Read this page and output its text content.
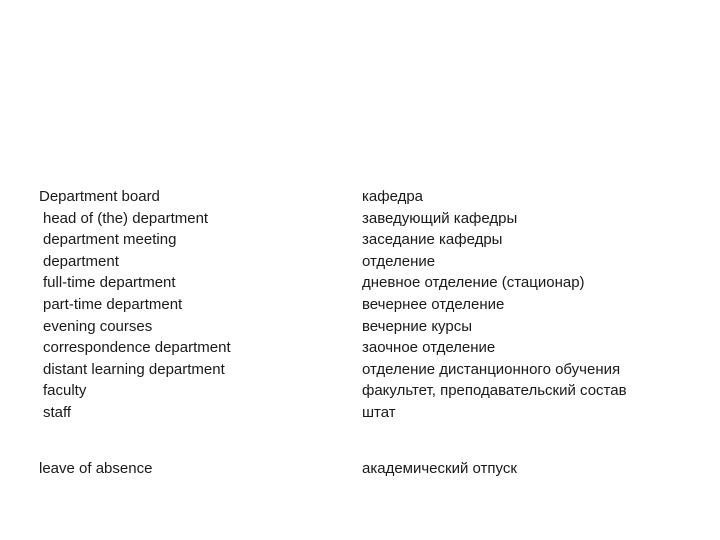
Department board
head of (the) department
department meeting
department
full-time department
part-time department
evening courses
correspondence department
distant learning department
faculty
staff
кафедра
заведующий кафедры
заседание кафедры
отделение
дневное отделение (стационар)
вечернее отделение
вечерние курсы
заочное отделение
отделение дистанционного обучения
факультет, преподавательский состав
штат
leave of absence	академический отпуск
